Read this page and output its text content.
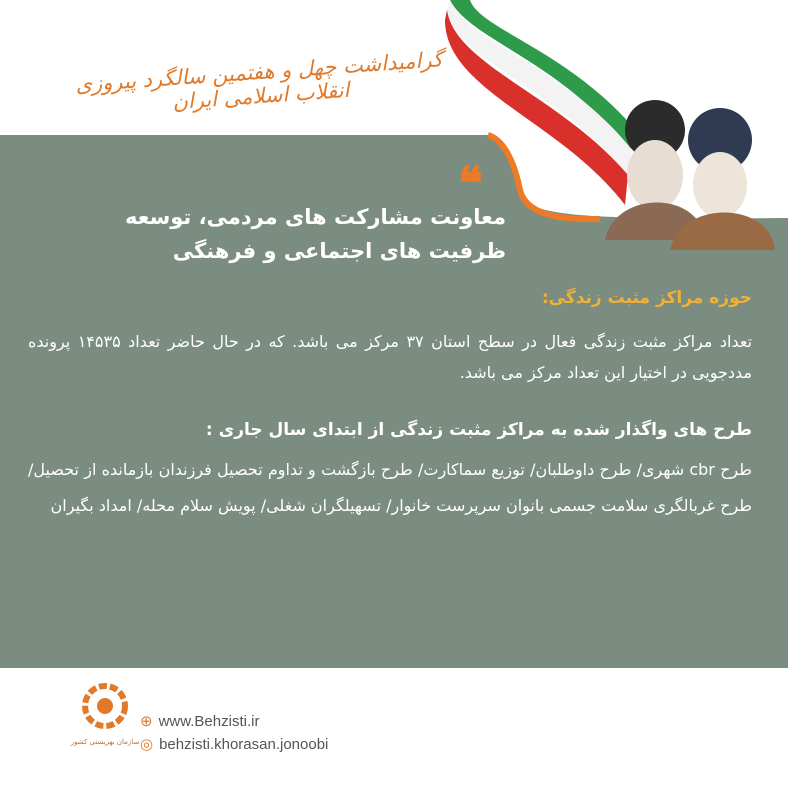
گرامیداشت چهل و هفتمین سالگرد پیروزی انقلاب اسلامی ایران
❝
معاونت مشارکت های مردمی، توسعه ظرفیت های اجتماعی و فرهنگی
حوزه مراکز مثبت زندگی:
تعداد مراکز مثبت زندگی فعال در سطح استان ۳۷ مرکز می باشد. که در حال حاضر تعداد ۱۴۵۳۵ پرونده مددجویی در اختیار این تعداد مرکز می باشد.
طرح های واگذار شده به مراکز مثبت زندگی از ابتدای سال جاری :
طرح cbr شهری/ طرح داوطلبان/ توزیع سماکارت/ طرح بازگشت و تداوم تحصیل فرزندان بازمانده از تحصیل/ طرح غربالگری سلامت جسمی بانوان سرپرست خانوار/ تسهیلگران شغلی/ پویش سلام محله/ امداد بگیران
سازمان بهزیستی کشور
⊕ www.Behzisti.ir
◎ behzisti.khorasan.jonoobi
